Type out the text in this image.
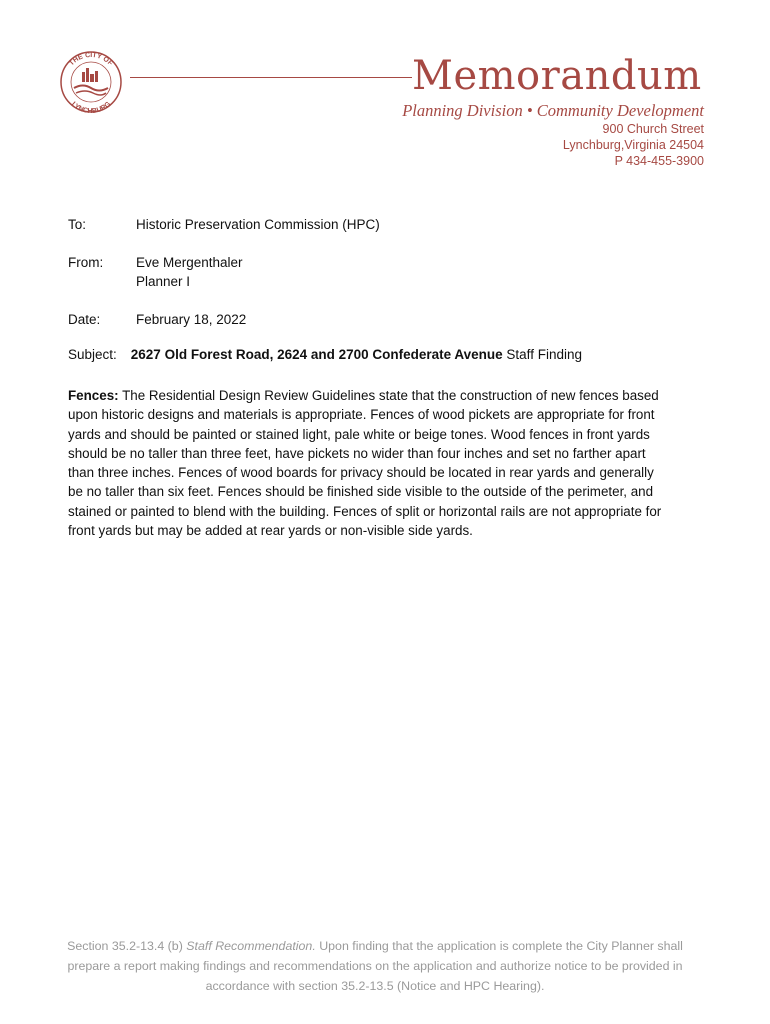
THE CITY OF
LYNCHBURG
Memorandum
Planning Division • Community Development
900 Church Street
Lynchburg,Virginia 24504
P 434-455-3900
To:	Historic Preservation Commission (HPC)
From: Eve Mergenthaler
Planner I
Date:	February 18, 2022
Subject: 2627 Old Forest Road, 2624 and 2700 Confederate Avenue Staff Finding
Fences: The Residential Design Review Guidelines state that the construction of new fences based upon historic designs and materials is appropriate. Fences of wood pickets are appropriate for front yards and should be painted or stained light, pale white or beige tones. Wood fences in front yards should be no taller than three feet, have pickets no wider than four inches and set no farther apart than three inches. Fences of wood boards for privacy should be located in rear yards and generally be no taller than six feet. Fences should be finished side visible to the outside of the perimeter, and stained or painted to blend with the building. Fences of split or horizontal rails are not appropriate for front yards but may be added at rear yards or non-visible side yards.
Section 35.2-13.4 (b) Staff Recommendation. Upon finding that the application is complete the City Planner shall prepare a report making findings and recommendations on the application and authorize notice to be provided in accordance with section 35.2-13.5 (Notice and HPC Hearing).
